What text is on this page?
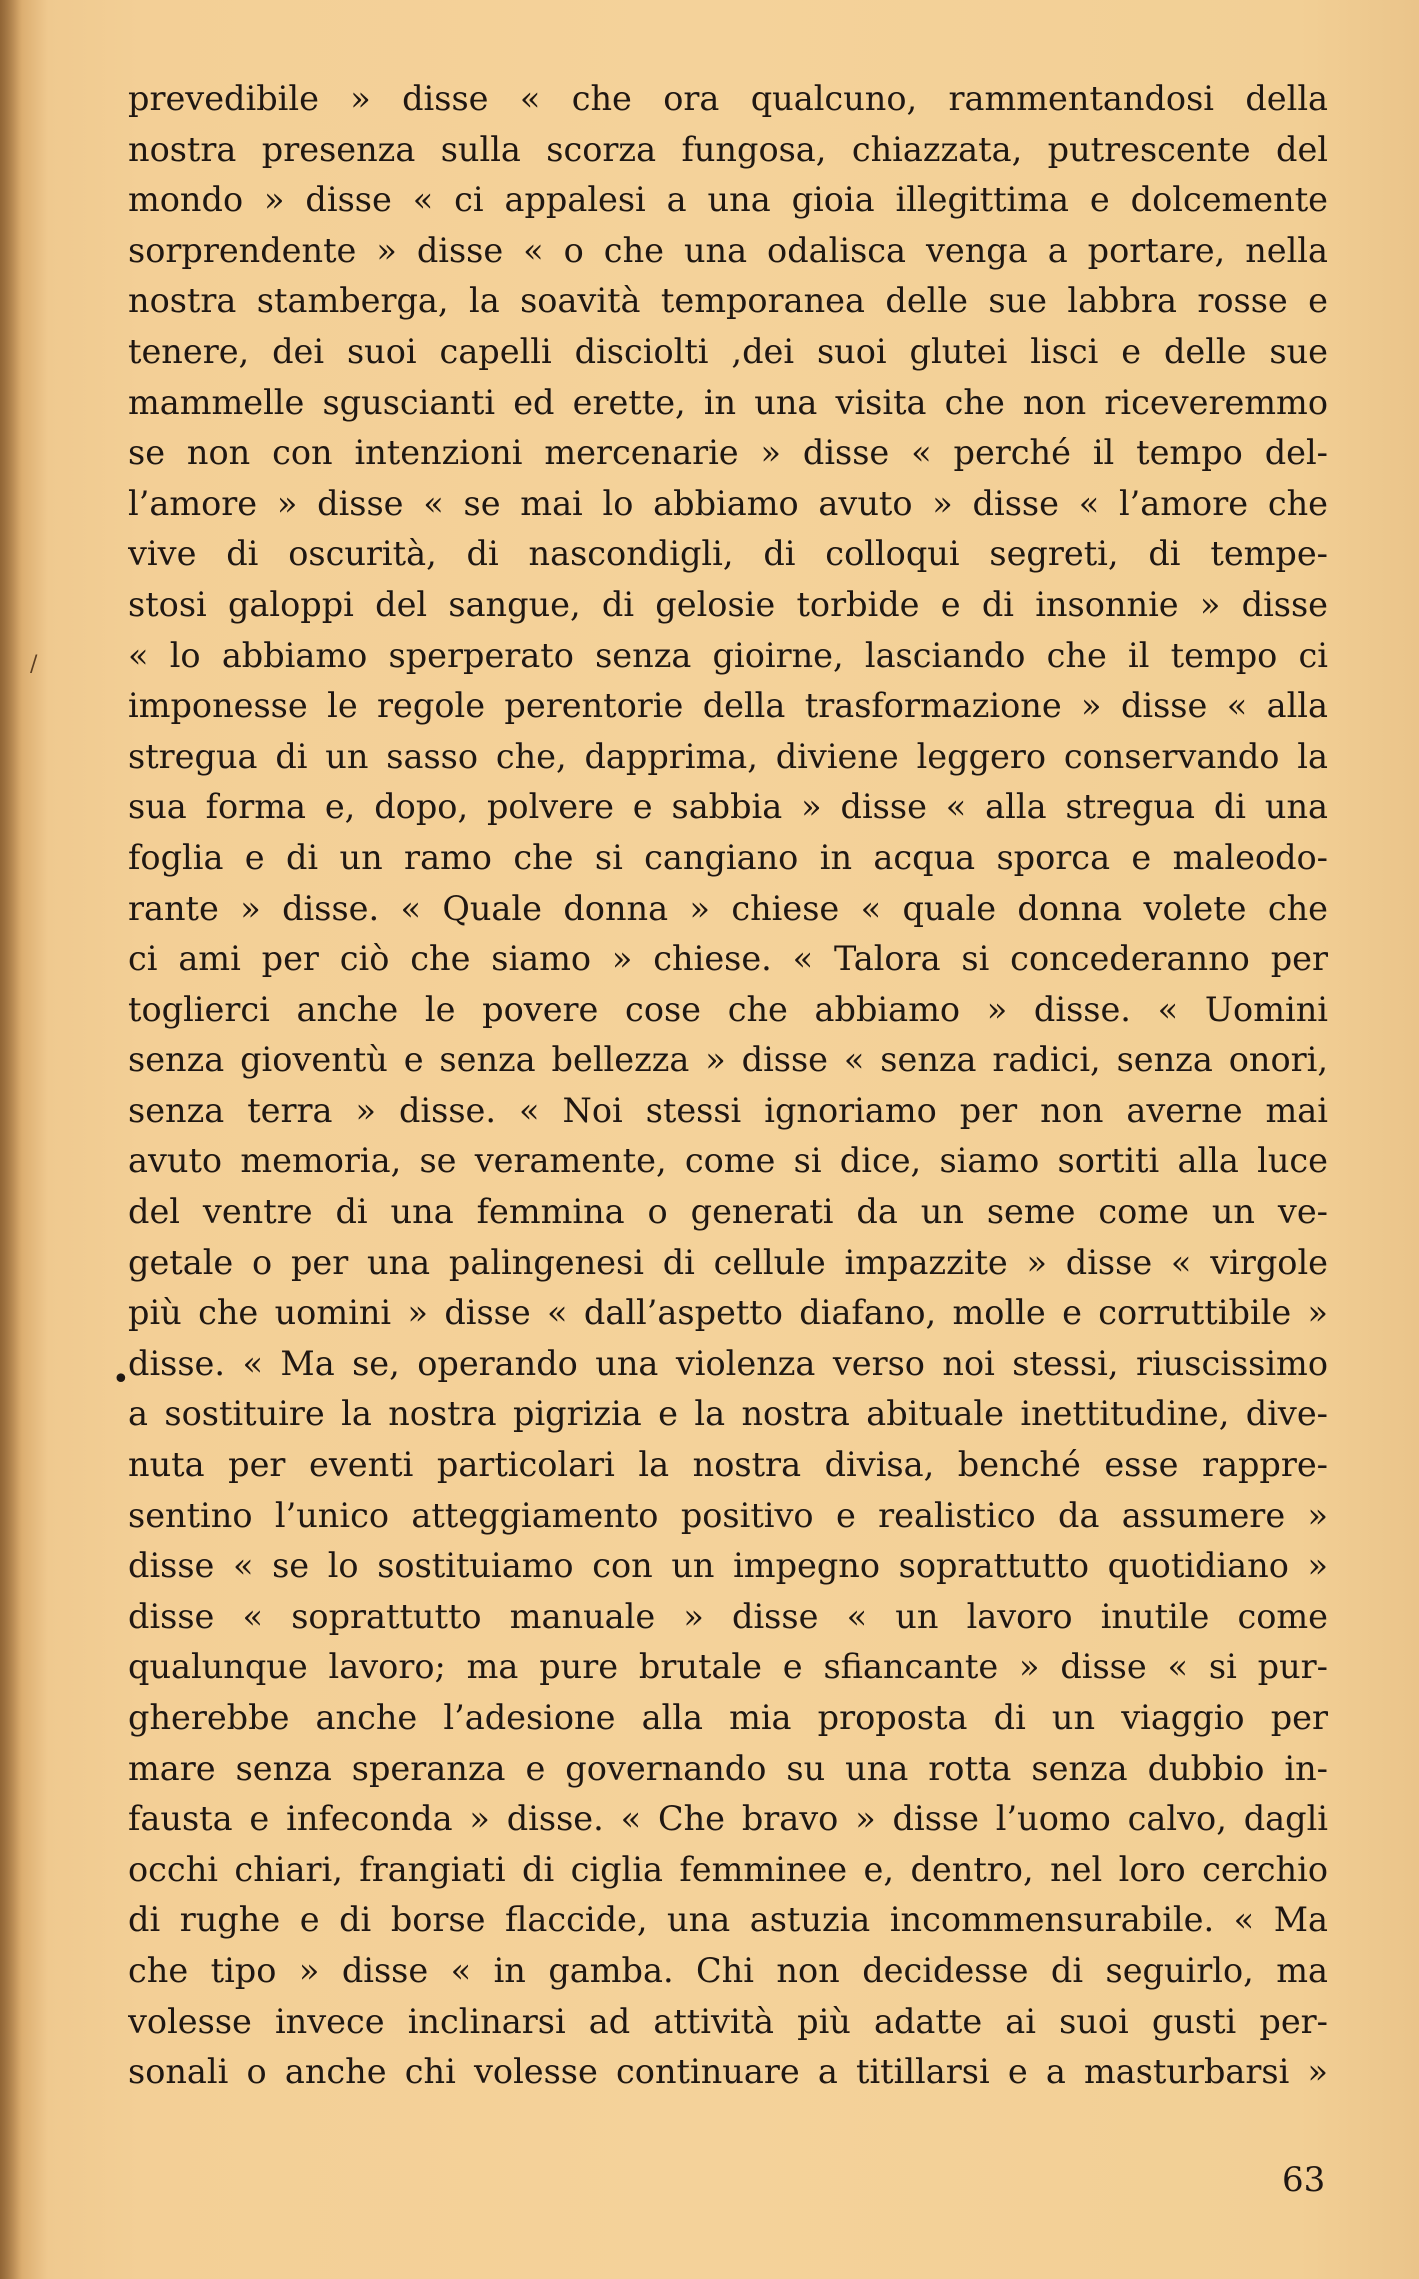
/
•
prevedibile » disse « che ora qualcuno, rammentandosi della
nostra presenza sulla scorza fungosa, chiazzata, putrescente del
mondo » disse « ci appalesi a una gioia illegittima e dolcemente
sorprendente » disse « o che una odalisca venga a portare, nella
nostra stamberga, la soavità temporanea delle sue labbra rosse e
tenere, dei suoi capelli disciolti ,dei suoi glutei lisci e delle sue
mammelle sguscianti ed erette, in una visita che non riceveremmo
se non con intenzioni mercenarie » disse « perché il tempo del-
l’amore » disse « se mai lo abbiamo avuto » disse « l’amore che
vive di oscurità, di nascondigli, di colloqui segreti, di tempe-
stosi galoppi del sangue, di gelosie torbide e di insonnie » disse
« lo abbiamo sperperato senza gioirne, lasciando che il tempo ci
imponesse le regole perentorie della trasformazione » disse « alla
stregua di un sasso che, dapprima, diviene leggero conservando la
sua forma e, dopo, polvere e sabbia » disse « alla stregua di una
foglia e di un ramo che si cangiano in acqua sporca e maleodo-
rante » disse. « Quale donna » chiese « quale donna volete che
ci ami per ciò che siamo » chiese. « Talora si concederanno per
toglierci anche le povere cose che abbiamo » disse. « Uomini
senza gioventù e senza bellezza » disse « senza radici, senza onori,
senza terra » disse. « Noi stessi ignoriamo per non averne mai
avuto memoria, se veramente, come si dice, siamo sortiti alla luce
del ventre di una femmina o generati da un seme come un ve-
getale o per una palingenesi di cellule impazzite » disse « virgole
più che uomini » disse « dall’aspetto diafano, molle e corruttibile »
disse. « Ma se, operando una violenza verso noi stessi, riuscissimo
a sostituire la nostra pigrizia e la nostra abituale inettitudine, dive-
nuta per eventi particolari la nostra divisa, benché esse rappre-
sentino l’unico atteggiamento positivo e realistico da assumere »
disse « se lo sostituiamo con un impegno soprattutto quotidiano »
disse « soprattutto manuale » disse « un lavoro inutile come
qualunque lavoro; ma pure brutale e sfiancante » disse « si pur-
gherebbe anche l’adesione alla mia proposta di un viaggio per
mare senza speranza e governando su una rotta senza dubbio in-
fausta e infeconda » disse. « Che bravo » disse l’uomo calvo, dagli
occhi chiari, frangiati di ciglia femminee e, dentro, nel loro cerchio
di rughe e di borse flaccide, una astuzia incommensurabile. « Ma
che tipo » disse « in gamba. Chi non decidesse di seguirlo, ma
volesse invece inclinarsi ad attività più adatte ai suoi gusti per-
sonali o anche chi volesse continuare a titillarsi e a masturbarsi »
63
